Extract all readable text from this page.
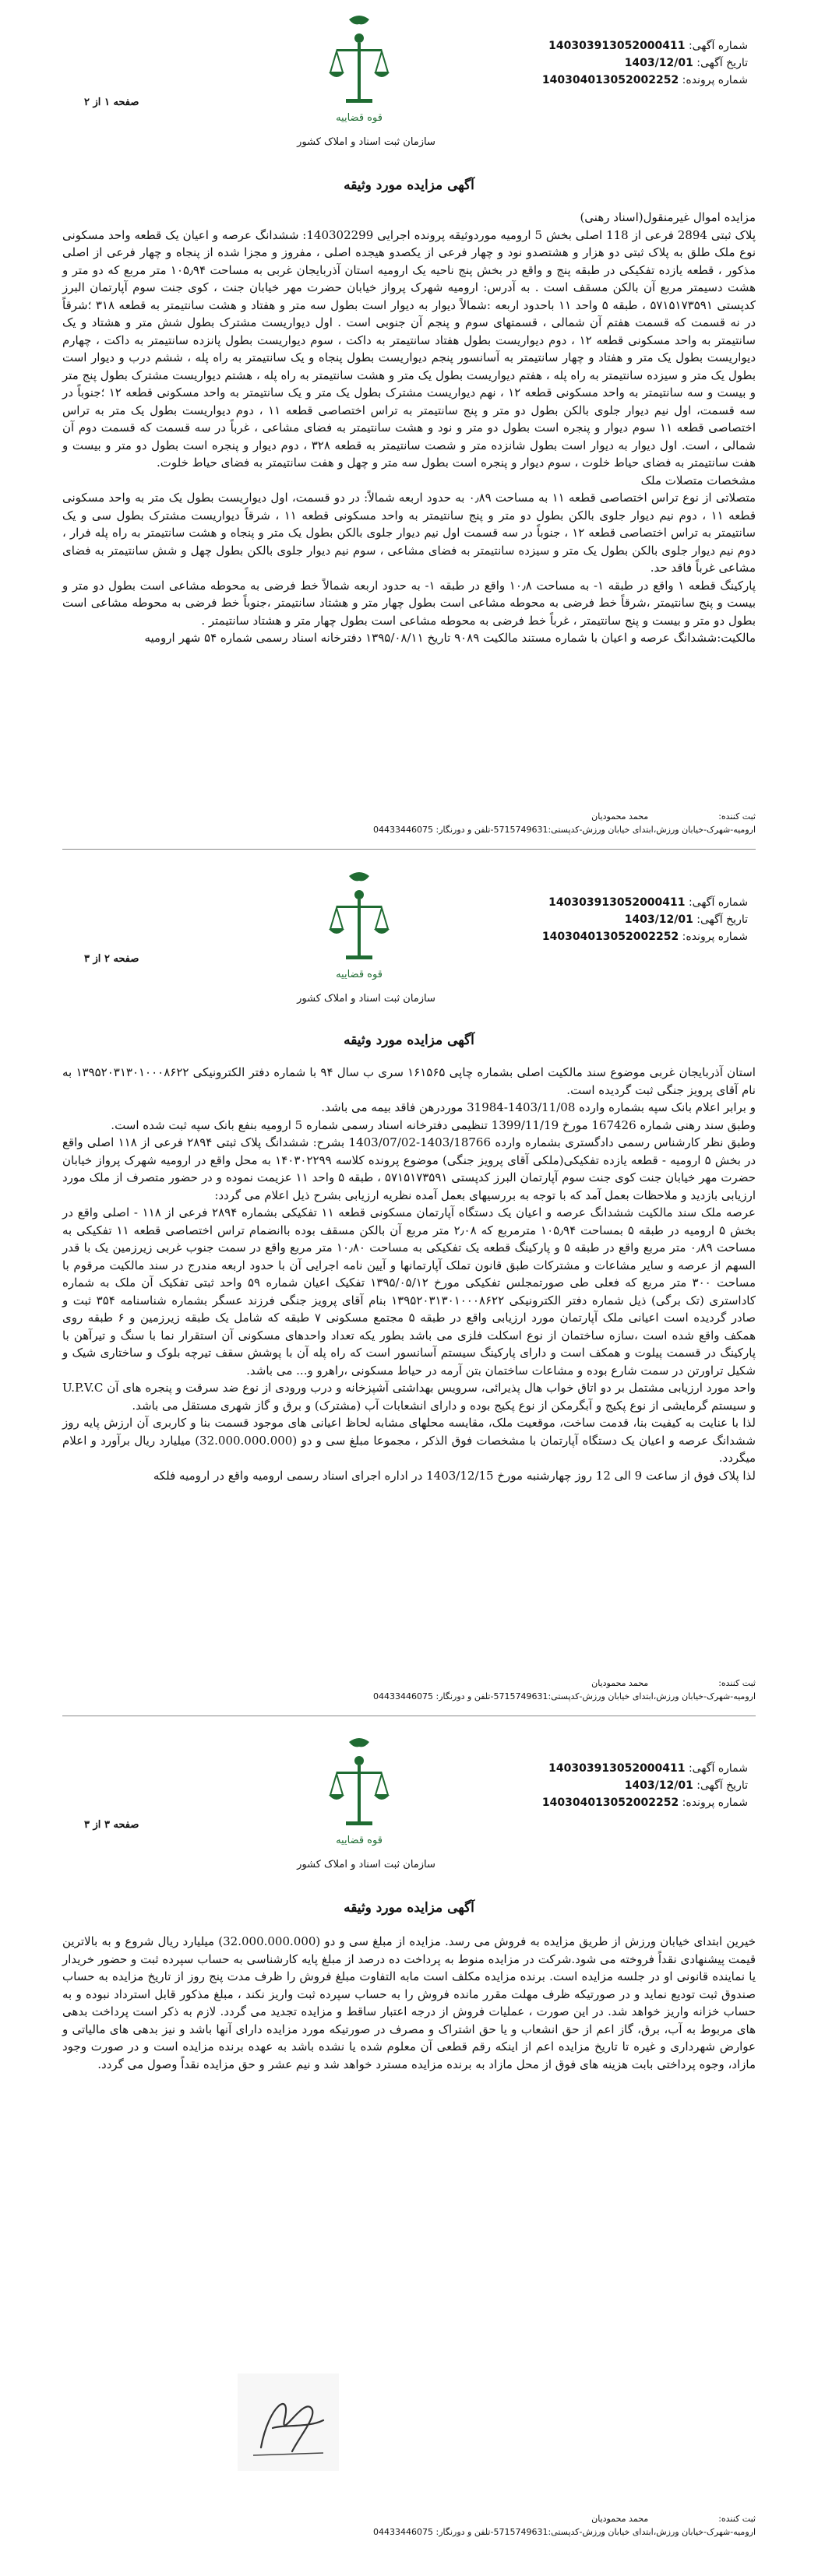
قوه قضاییه
سازمان ثبت اسناد و املاک کشور
صفحه ۱ از ۲
شماره آگهی: 140303913052000411
تاریخ آگهی: 1403/12/01
شماره پرونده: 140304013052002252
آگهی مزایده مورد وثیقه

مزایده اموال غیرمنقول(اسناد رهنی)

پلاک ثبتی 2894 فرعی از 118 اصلی بخش 5 ارومیه موردوثیقه پرونده اجرایی 140302299: ششدانگ عرصه و اعیان یک قطعه واحد مسکونی نوع ملک طلق به پلاک ثبتی دو هزار و هشتصدو نود و چهار فرعی از یکصدو هیجده اصلی ، مفروز و مجزا شده از پنجاه و چهار فرعی از اصلی مذکور ، قطعه یازده تفکیکی در طبقه پنج و واقع در بخش پنج ناحیه یک ارومیه استان آذربایجان غربی به مساحت ۱۰۵٫۹۴ متر مربع که دو متر و هشت دسیمتر مربع آن بالکن مسقف است . به آدرس: ارومیه شهرک پرواز خیابان حضرت مهر خیابان جنت ، کوی جنت سوم آپارتمان البرز کدپستی ۵۷۱۵۱۷۳۵۹۱ ، طبقه ۵ واحد ۱۱ باحدود اربعه :شمالاً دیوار به دیوار است بطول سه متر و هفتاد و هشت سانتیمتر به قطعه ۳۱۸ ؛شرقاً در نه قسمت که قسمت هفتم آن شمالی ، قسمتهای سوم و پنجم آن جنوبی است . اول دیواریست مشترک بطول شش متر و هشتاد و یک سانتیمتر به واحد مسکونی قطعه ۱۲ ، دوم دیواریست بطول هفتاد سانتیمتر به داکت ، سوم دیواریست بطول پانزده سانتیمتر به داکت ، چهارم دیواریست بطول یک متر و هفتاد و چهار سانتیمتر به آسانسور پنجم دیواریست بطول پنجاه و یک سانتیمتر به راه پله ، ششم درب و دیوار است بطول یک متر و سیزده سانتیمتر به راه پله ، هفتم دیواریست بطول یک متر و هشت سانتیمتر به راه پله ، هشتم دیواریست مشترک بطول پنج متر و بیست و سه سانتیمتر به واحد مسکونی قطعه ۱۲ ، نهم دیواریست مشترک بطول یک متر و یک سانتیمتر به واحد مسکونی قطعه ۱۲ ؛جنوباً در سه قسمت، اول نیم دیوار جلوی بالکن بطول دو متر و پنج سانتیمتر به تراس اختصاصی قطعه ۱۱ ، دوم دیواریست بطول یک متر به تراس اختصاصی قطعه ۱۱ سوم دیوار و پنجره است بطول دو متر و نود و هشت سانتیمتر به فضای مشاعی ، غرباً در سه قسمت که قسمت دوم آن شمالی ، است. اول دیوار به دیوار است بطول شانزده متر و شصت سانتیمتر به قطعه ۳۲۸ ، دوم دیوار و پنجره است بطول دو متر و بیست و هفت سانتیمتر به فضای حیاط خلوت ، سوم دیوار و پنجره است بطول سه متر و چهل و هفت سانتیمتر به فضای حیاط خلوت.

مشخصات متصلات ملک

متصلاتی از نوع تراس اختصاصی قطعه ۱۱ به مساحت ۰٫۸۹ به حدود اربعه شمالاً: در دو قسمت، اول دیواریست بطول یک متر به واحد مسکونی قطعه ۱۱ ، دوم نیم دیوار جلوی بالکن بطول دو متر و پنج سانتیمتر به واحد مسکونی قطعه ۱۱ ، شرقاً دیواریست مشترک بطول سی و یک سانتیمتر به تراس اختصاصی قطعه ۱۲ ، جنوباً در سه قسمت اول نیم دیوار جلوی بالکن بطول یک متر و پنجاه و هشت سانتیمتر به راه پله فرار ، دوم نیم دیوار جلوی بالکن بطول یک متر و سیزده سانتیمتر به فضای مشاعی ، سوم نیم دیوار جلوی بالکن بطول چهل و شش سانتیمتر به فضای مشاعی غرباً فاقد حد.

پارکینگ قطعه ۱ واقع در طبقه ۱- به مساحت ۱۰٫۸ واقع در طبقه ۱- به حدود اربعه شمالاً خط فرضی به محوطه مشاعی است بطول دو متر و بیست و پنج سانتیمتر ،شرقاً خط فرضی به محوطه مشاعی است بطول چهار متر و هشتاد سانتیمتر ،جنوباً خط فرضی به محوطه مشاعی است بطول دو متر و بیست و پنج سانتیمتر ، غرباً خط فرضی به محوطه مشاعی است بطول چهار متر و هشتاد سانتیمتر .

مالکیت:ششدانگ عرصه و اعیان با شماره مستند مالکیت ۹۰۸۹ تاریخ ۱۳۹۵/۰۸/۱۱ دفترخانه اسناد رسمی شماره ۵۴ شهر ارومیه

ثبت کننده:
محمد محمودیان
ارومیه-شهرک-خیابان ورزش،ابتدای خیابان ورزش-کدپستی:5715749631-تلفن و دورنگار: 04433446075
قوه قضاییه
سازمان ثبت اسناد و املاک کشور
صفحه ۲ از ۳
شماره آگهی: 140303913052000411
تاریخ آگهی: 1403/12/01
شماره پرونده: 140304013052002252
آگهی مزایده مورد وثیقه

استان آذربایجان غربی موضوع سند مالکیت اصلی بشماره چاپی ۱۶۱۵۶۵ سری ب سال ۹۴ با شماره دفتر الکترونیکی ۱۳۹۵۲۰۳۱۳۰۱۰۰۰۸۶۲۲ به نام آقای پرویز جنگی ثبت گردیده است.

و برابر اعلام بانک سپه بشماره وارده 1403/11/08-31984 موردرهن فاقد بیمه می باشد.

وطبق سند رهنی شماره 167426 مورخ 1399/11/19 تنظیمی دفترخانه اسناد رسمی شماره 5 ارومیه بنفع بانک سپه ثبت شده است.

وطبق نظر کارشناس رسمی دادگستری بشماره وارده 1403/18766-1403/07/02 بشرح: ششدانگ پلاک ثبتی ۲۸۹۴ فرعی از ۱۱۸ اصلی واقع در بخش ۵ ارومیه - قطعه یازده تفکیکی(ملکی آقای پرویز جنگی) موضوع پرونده کلاسه ۱۴۰۳۰۲۲۹۹ به محل واقع در ارومیه شهرک پرواز خیابان حضرت مهر خیابان جنت کوی جنت سوم آپارتمان البرز کدپستی ۵۷۱۵۱۷۳۵۹۱ ، طبقه ۵ واحد ۱۱ عزیمت نموده و در حضور متصرف از ملک مورد ارزیابی بازدید و ملاحظات بعمل آمد که با توجه به بررسیهای بعمل آمده نظریه ارزیابی بشرح ذیل اعلام می گردد:

عرصه ملک سند مالکیت ششدانگ عرصه و اعیان یک دستگاه آپارتمان مسکونی قطعه ۱۱ تفکیکی بشماره ۲۸۹۴ فرعی از ۱۱۸ - اصلی واقع در بخش ۵ ارومیه در طبقه ۵ بمساحت ۱۰۵٫۹۴ مترمربع که ۲٫۰۸ متر مربع آن بالکن مسقف بوده باانضمام تراس اختصاصی قطعه ۱۱ تفکیکی به مساحت ۰٫۸۹ متر مربع واقع در طبقه ۵ و پارکینگ قطعه یک تفکیکی به مساحت ۱۰٫۸۰ متر مربع واقع در سمت جنوب غربی زیرزمین یک با قدر السهم از عرصه و سایر مشاعات و مشترکات طبق قانون تملک آپارتمانها و آیین نامه اجرایی آن با حدود اربعه مندرج در سند مالکیت مرقوم با مساحت ۳۰۰ متر مربع که فعلی طی صورتمجلس تفکیکی مورخ ۱۳۹۵/۰۵/۱۲ تفکیک اعیان شماره ۵۹ واحد ثبتی تفکیک آن ملک به شماره کاداستری (تک برگی) ذیل شماره دفتر الکترونیکی ۱۳۹۵۲۰۳۱۳۰۱۰۰۰۸۶۲۲ بنام آقای پرویز جنگی فرزند عسگر بشماره شناسنامه ۳۵۴ ثبت و صادر گردیده است اعیانی ملک آپارتمان مورد ارزیابی واقع در طبقه ۵ مجتمع مسکونی ۷ طبقه که شامل یک طبقه زیرزمین و ۶ طبقه روی همکف واقع شده است ،سازه ساختمان از نوع اسکلت فلزی می باشد بطور یکه تعداد واحدهای مسکونی آن استقرار نما با سنگ و تیرآهن با پارکینگ در قسمت پیلوت و همکف است و دارای پارکینگ سیستم آسانسور است که راه پله آن با پوشش سقف تیرچه بلوک و ساختاری شیک و شکیل تراورتن در سمت شارع بوده و مشاعات ساختمان بتن آرمه در حیاط مسکونی ،راهرو و... می باشد.

واحد مورد ارزیابی مشتمل بر دو اتاق خواب هال پذیرائی، سرویس بهداشتی آشپزخانه و درب ورودی از نوع ضد سرقت و پنجره های آن U.P.V.C و سیستم گرمایشی از نوع پکیج و آبگرمکن از نوع پکیج بوده و دارای انشعابات آب (مشترک) و برق و گاز شهری مستقل می باشد.

لذا با عنایت به کیفیت بنا، قدمت ساخت، موقعیت ملک، مقایسه محلهای مشابه لحاظ اعیانی های موجود قسمت بنا و کاربری آن ارزش پایه روز ششدانگ عرصه و اعیان یک دستگاه آپارتمان با مشخصات فوق الذکر ، مجموعا مبلغ سی و دو (32.000.000.000) میلیارد ریال برآورد و اعلام میگردد.

لذا پلاک فوق از ساعت 9 الی 12 روز چهارشنبه مورخ 1403/12/15 در اداره اجرای اسناد رسمی ارومیه واقع در ارومیه فلکه

ثبت کننده:
محمد محمودیان
ارومیه-شهرک-خیابان ورزش،ابتدای خیابان ورزش-کدپستی:5715749631-تلفن و دورنگار: 04433446075
قوه قضاییه
سازمان ثبت اسناد و املاک کشور
صفحه ۳ از ۳
شماره آگهی: 140303913052000411
تاریخ آگهی: 1403/12/01
شماره پرونده: 140304013052002252
آگهی مزایده مورد وثیقه

خیرین ابتدای خیابان ورزش از طریق مزایده به فروش می رسد. مزایده از مبلغ سی و دو (32.000.000.000) میلیارد ریال شروع و به بالاترین قیمت پیشنهادی نقداً فروخته می شود.شرکت در مزایده منوط به پرداخت ده درصد از مبلغ پایه کارشناسی به حساب سپرده ثبت و حضور خریدار یا نماینده قانونی او در جلسه مزایده است. برنده مزایده مکلف است مابه التفاوت مبلغ فروش را ظرف مدت پنج روز از تاریخ مزایده به حساب صندوق ثبت تودیع نماید و در صورتیکه ظرف مهلت مقرر مانده فروش را به حساب سپرده ثبت واریز نکند ، مبلغ مذکور قابل استرداد نبوده و به حساب خزانه واریز خواهد شد. در این صورت ، عملیات فروش از درجه اعتبار ساقط و مزایده تجدید می گردد. لازم به ذکر است پرداخت بدهی های مربوط به آب، برق، گاز اعم از حق انشعاب و یا حق اشتراک و مصرف در صورتیکه مورد مزایده دارای آنها باشد و نیز بدهی های مالیاتی و عوارض شهرداری و غیره تا تاریخ مزایده اعم از اینکه رقم قطعی آن معلوم شده یا نشده باشد به عهده برنده مزایده است و در صورت وجود مازاد، وجوه پرداختی بابت هزینه های فوق از محل مازاد به برنده مزایده مسترد خواهد شد و نیم عشر و حق مزایده نقداً وصول می گردد.

ثبت کننده:
محمد محمودیان
ارومیه-شهرک-خیابان ورزش،ابتدای خیابان ورزش-کدپستی:5715749631-تلفن و دورنگار: 04433446075
